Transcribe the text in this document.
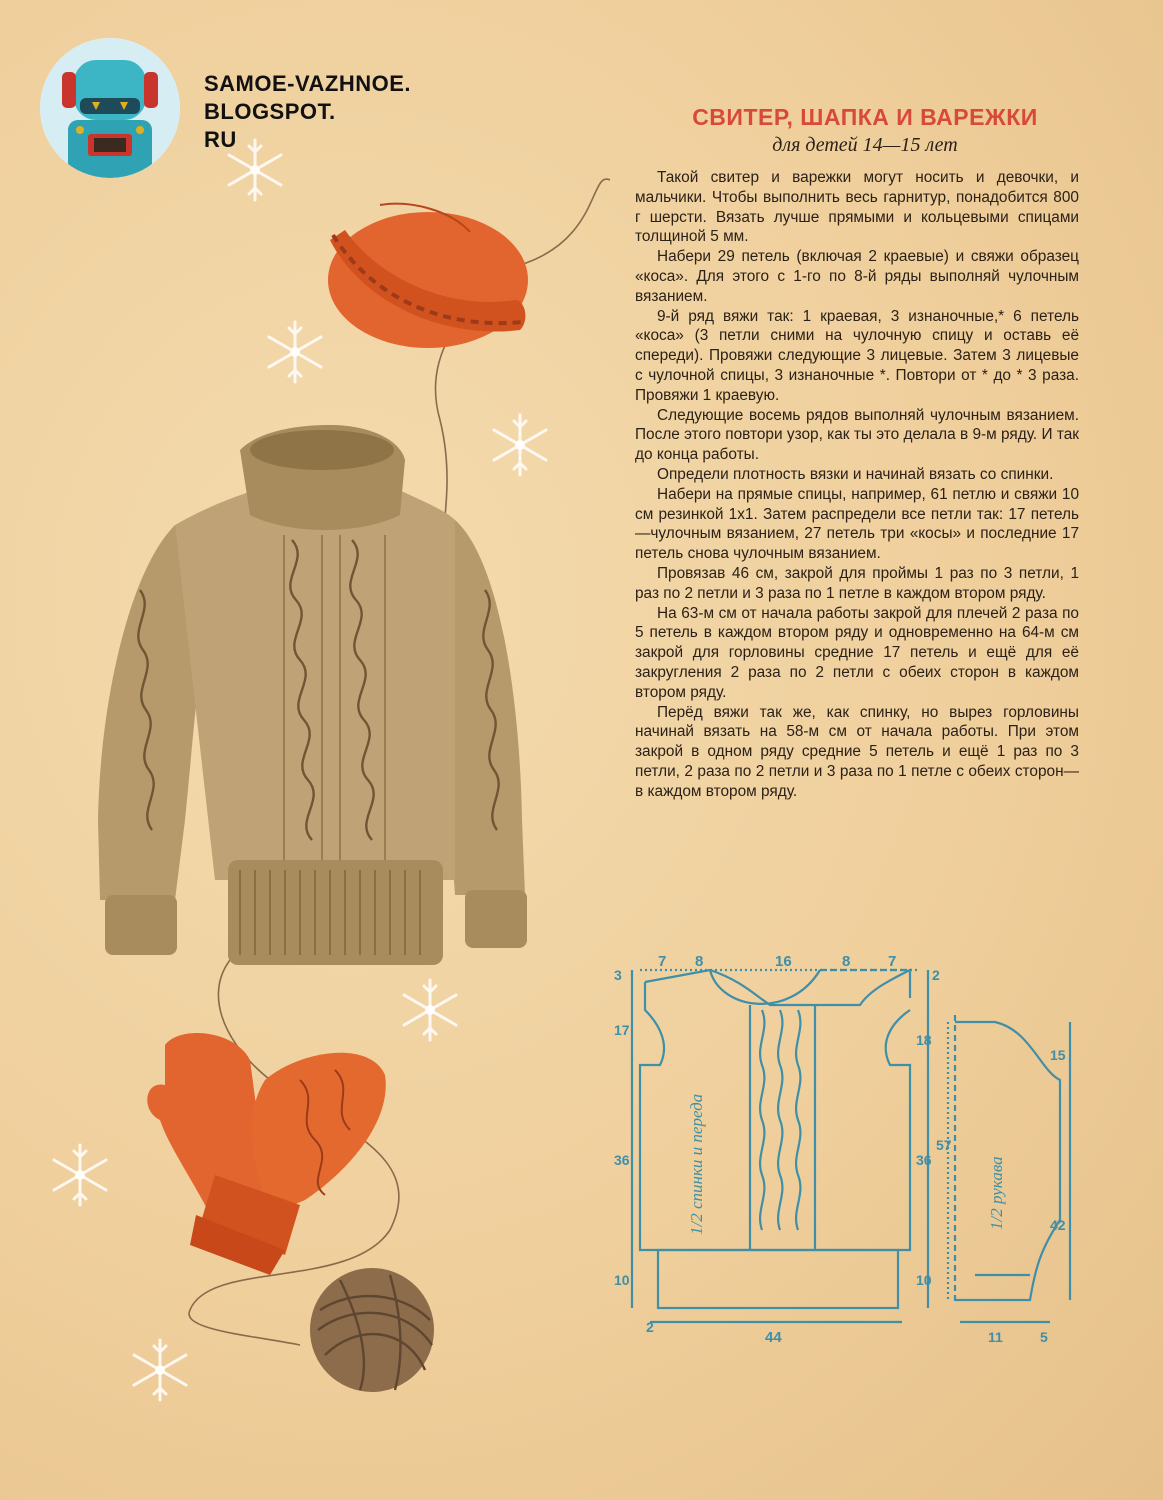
SAMOE-VAZHNOE.
BLOGSPOT.
RU
СВИТЕР, ШАПКА И ВАРЕЖКИ
для детей 14—15 лет

Такой свитер и варежки могут носить и девочки, и мальчики. Чтобы выполнить весь гарнитур, понадобится 800 г шерсти. Вязать лучше прямыми и кольцевыми спицами толщиной 5 мм.

Набери 29 петель (включая 2 краевые) и свяжи образец «коса». Для этого с 1-го по 8-й ряды выполняй чулочным вязанием.

9-й ряд вяжи так: 1 краевая, 3 изнаночные,* 6 петель «коса» (3 петли сними на чулочную спицу и оставь её спереди). Провяжи следующие 3 лицевые. Затем 3 лицевые с чулочной спицы, 3 изнаночные *. Повтори от * до * 3 раза. Провяжи 1 краевую.

Следующие восемь рядов выполняй чулочным вязанием. После этого повтори узор, как ты это делала в 9-м ряду. И так до конца работы.

Определи плотность вязки и начинай вязать со спинки.

Набери на прямые спицы, например, 61 петлю и свяжи 10 см резинкой 1х1. Затем распредели все петли так: 17 петель—чулочным вязанием, 27 петель три «косы» и последние 17 петель снова чулочным вязанием.

Провязав 46 см, закрой для проймы 1 раз по 3 петли, 1 раз по 2 петли и 3 раза по 1 петле в каждом втором ряду.

На 63-м см от начала работы закрой для плечей 2 раза по 5 петель в каждом втором ряду и одновременно на 64-м см закрой для горловины средние 17 петель и ещё для её закругления 2 раза по 2 петли с обеих сторон в каждом втором ряду.

Перёд вяжи так же, как спинку, но вырез горловины начинай вязать на 58-м см от начала работы. При этом закрой в одном ряду средние 5 петель и ещё 1 раз по 3 петли, 2 раза по 2 петли и 3 раза по 1 петле с обеих сторон—в каждом втором ряду.

7 8	16	8	7
3
17
36
10
2
2
18
36
10
44
15
57
42
11	5
1/2 спинки и переда	1/2 рукава
